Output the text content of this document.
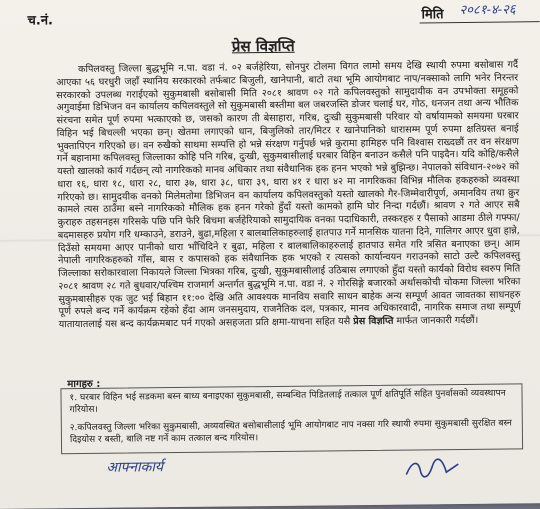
च.नं.	मिति २०८१-४-२६
प्रेस विज्ञप्ति
कपिलवस्तु जिल्ला बुद्धभूमि न.पा. वडा नं. ०२ बर्जहेरिया, सोनपुर टोलमा विगत लामो समय देखि स्थायी रुपमा बसोबास गर्दै आएका ५६ घरधुरी जहाँ स्थानिय सरकारको तर्फबाट बिजुली, खानेपानी, बाटो तथा भूमि आयोगबाट नाप/नक्साको लागि भनेर निरन्तर सरकारको उपलब्ध गराईएको सुकुमबासी बसोबासी मिति २०८१ श्रावण ०२ गते कपिलवस्तुको सामुदायीक वन उपभोक्ता समूहको अगुवाईमा डिभिजन वन कार्यालय कपिलवस्तुले सो सुकुमबासी बस्तीमा बल जबरजस्ति डोजर चलाई घर, गोठ, धनजन तथा अन्य भौतिक संरचना समेत पूर्ण रुपमा भत्काएको छ, जसको कारण ती बेसाहारा, गरिब, दुःखी सुकुमबासी परिवार यो वर्षायामको समयमा घरबार विहिन भई बिचल्ली भएका छन्। खेतमा लगाएको धान, बिजुलिको तार/मिटर र खानेपानिको धारासम्म पूर्ण रुपमा क्षतिग्रस्त बनाई भुक्तापिएन गरिएको छ। वन रुखैको साथमा सम्पत्ति हो भन्ने संरक्षण गर्नुपर्छ भन्ने कुरामा हामिहरु पनि विश्वास राख्दछौं तर वन संरक्षण गर्ने बहानामा कपिलवस्तु जिल्लाका कोहि पनि गरिब, दुःखी, सुकुमबासीलाई घरबार विहिन बनाउन कसैले पनि पाइदैन। यदि कोहि/कसैले यस्तो खालको कार्य गर्दछन् त्यो नागरिकको मानव अधिकार तथा संवैधानिक हक हनन भएको भन्ने बुझिन्छ। नेपालको संविधान-२०७२ को धारा १६, धारा १८, धारा २८, धारा ३७, धारा ३८, धारा ३९, धारा ४१ र धारा ४२ मा नागरिकका विभिन्न मौलिक हकहरुको व्यवस्था गरिएको छ। सामुदयीक वनको मिलेमतोमा डिभिजन वन कार्यालय कपिलवस्तुको यस्तो खालको गैर-जिम्मेवारीपूर्ण, अमानविय तथा क्रुर कामले त्यस ठाउँमा बस्ने नागरिकको मौलिक हक हनन गरेको हुँदाँ यस्तो कामको हामि घोर निन्दा गर्दछौं। श्रावण २ गते आएर सबै कुराहरु तहसनहस गरिसके पछि पनि फेरि बिचमा बर्जहेरियाको सामुदायिक वनका पदाधिकारी, तस्करहरु र पैसाको आडमा ठीले गफ्फा/बदमासहरु प्रयोग गरि धम्काउने, डराउने, बुढा,महिला र बालबालिकाहरुलाई हातपाउ गर्ने मानसिक यातना दिने, गालिगर आएर धुवा हान्ने, दिउँसो समयमा आएर पानीको धारा भाँचिदिने र बुढा, महिला र बालबालिकाहरुलाई हातपाउ समेत गरि त्रसित बनाएका छन्। आम नेपाली नागरिकहरुको गाँस, बास र कपासको हक संवैधानिक हक भएको र त्यसको कार्यान्वयन गराउनको साटो उल्टै कपिलवस्तु जिल्लाका सरोकारवाला निकायले जिल्ला भित्रका गरिब, दुःखी, सुकुमबासीलाई उठिबास लगाएको हुँदा यस्तो कार्यको विरोध स्वरुप मिति २०८१ श्रावण २८ गते बुधवार/पश्चिम राजमार्ग अन्तर्गत बुद्धभूमि न.पा. वडा नं. २ गोरसिङ्गे बजारको अर्थासकोची चोकमा जिल्ला भरिका सुकुमबासीहरु एक जुट भई बिहान ११:०० देखि अति आवश्यक मानविय सवारि साधन बाहेक अन्य सम्पूर्ण आवत जावतका साधनहरु पूर्ण रुपले बन्द गर्ने कार्यक्रम रहेको हँदा आम जनसमुदाय, राजनैतिक दल, पत्रकार, मानव अधिकारवादी, नागरिक समाज तथा सम्पूर्ण यातायातलाई यस बन्द कार्यक्रमबाट पर्न गएको असहजता प्रति क्षमा-याचना सहित यसै प्रेस विज्ञप्ति मार्फत जानकारी गर्दछौं।
मागहरु :
१. घरबार विहिन भई सडकमा बस्न बाध्य बनाइएका सुकुमबासी, सम्बन्धित पिडितलाई तत्काल पूर्ण क्षतिपूर्ति सहित पुनर्वासको व्यवस्थापन गरियोस।
२.कपिलवस्तु जिल्ला भरिका सुकुमबासी, अव्यवस्थित बसोबासीलाई भूमि आयोगबाट नाप नक्सा गरि स्थायी रुपमा सुकुमबासी सुरक्षित बस्न दिइयोस र बस्ती, बालि नष्ट गर्ने काम तत्काल बन्द गरियोस।
आफ्नाकार्य
